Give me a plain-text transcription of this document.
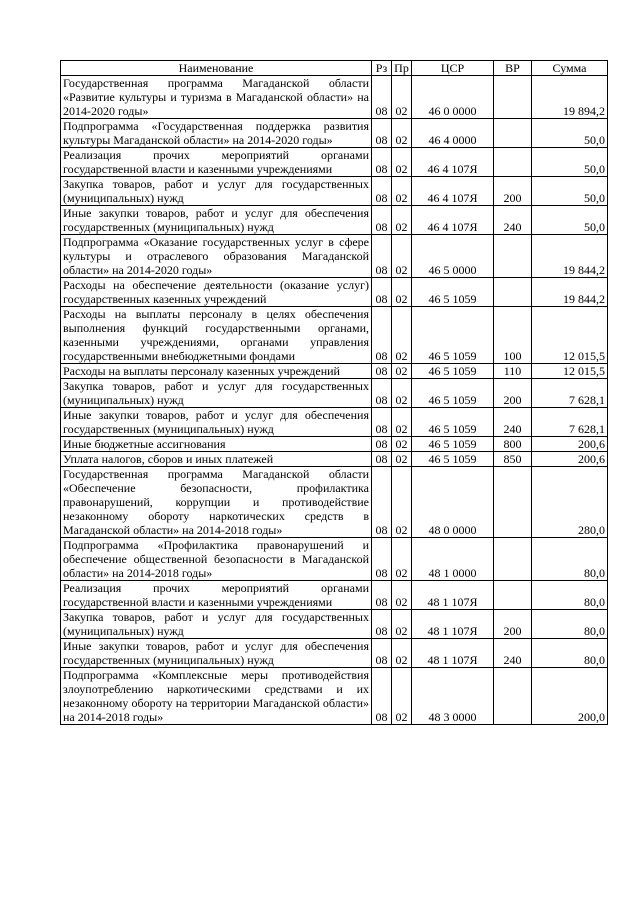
Наименование	Рз	Пр	ЦСР	ВР	Сумма
Государственная программа Магаданской области «Развитие культуры и туризма в Магаданской области» на 2014-2020 годы»	08	02	46 0 0000		19 894,2
Подпрограмма «Государственная поддержка развития культуры Магаданской области» на 2014-2020 годы»	08	02	46 4 0000		50,0
Реализация прочих мероприятий органами государственной власти и казенными учреждениями	08	02	46 4 107Я		50,0
Закупка товаров, работ и услуг для государственных (муниципальных) нужд	08	02	46 4 107Я	200	50,0
Иные закупки товаров, работ и услуг для обеспечения государственных (муниципальных) нужд	08	02	46 4 107Я	240	50,0
Подпрограмма «Оказание государственных услуг в сфере культуры и отраслевого образования Магаданской области» на 2014-2020 годы»	08	02	46 5 0000		19 844,2
Расходы на обеспечение деятельности (оказание услуг) государственных казенных учреждений	08	02	46 5 1059		19 844,2
Расходы на выплаты персоналу в целях обеспечения выполнения функций государственными органами, казенными учреждениями, органами управления государственными внебюджетными фондами	08	02	46 5 1059	100	12 015,5
Расходы на выплаты персоналу казенных учреждений	08	02	46 5 1059	110	12 015,5
Закупка товаров, работ и услуг для государственных (муниципальных) нужд	08	02	46 5 1059	200	7 628,1
Иные закупки товаров, работ и услуг для обеспечения государственных (муниципальных) нужд	08	02	46 5 1059	240	7 628,1
Иные бюджетные ассигнования	08	02	46 5 1059	800	200,6
Уплата налогов, сборов и иных платежей	08	02	46 5 1059	850	200,6
Государственная программа Магаданской области «Обеспечение безопасности, профилактика правонарушений, коррупции и противодействие незаконному обороту наркотических средств в Магаданской области» на 2014-2018 годы»	08	02	48 0 0000		280,0
Подпрограмма «Профилактика правонарушений и обеспечение общественной безопасности в Магаданской области» на 2014-2018 годы»	08	02	48 1 0000		80,0
Реализация прочих мероприятий органами государственной власти и казенными учреждениями	08	02	48 1 107Я		80,0
Закупка товаров, работ и услуг для государственных (муниципальных) нужд	08	02	48 1 107Я	200	80,0
Иные закупки товаров, работ и услуг для обеспечения государственных (муниципальных) нужд	08	02	48 1 107Я	240	80,0
Подпрограмма «Комплексные меры противодействия злоупотреблению наркотическими средствами и их незаконному обороту на территории Магаданской области» на 2014-2018 годы»	08	02	48 3 0000		200,0
